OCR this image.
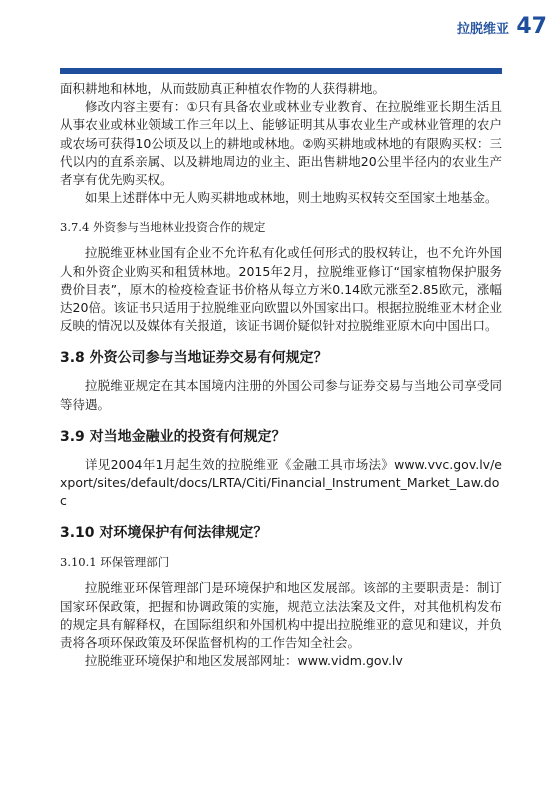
拉脱维亚 47

面积耕地和林地，从而鼓励真正种植农作物的人获得耕地。

修改内容主要有：①只有具备农业或林业专业教育、在拉脱维亚长期生活且从事农业或林业领域工作三年以上、能够证明其从事农业生产或林业管理的农户或农场可获得10公顷及以上的耕地或林地。②购买耕地或林地的有限购买权：三代以内的直系亲属、以及耕地周边的业主、距出售耕地20公里半径内的农业生产者享有优先购买权。

如果上述群体中无人购买耕地或林地，则土地购买权转交至国家土地基金。

3.7.4 外资参与当地林业投资合作的规定

拉脱维亚林业国有企业不允许私有化或任何形式的股权转让，也不允许外国人和外资企业购买和租赁林地。2015年2月，拉脱维亚修订“国家植物保护服务费价目表”，原木的检疫检查证书价格从每立方米0.14欧元涨至2.85欧元，涨幅达20倍。该证书只适用于拉脱维亚向欧盟以外国家出口。根据拉脱维亚木材企业反映的情况以及媒体有关报道，该证书调价疑似针对拉脱维亚原木向中国出口。

3.8 外资公司参与当地证券交易有何规定？

拉脱维亚规定在其本国境内注册的外国公司参与证券交易与当地公司享受同等待遇。

3.9 对当地金融业的投资有何规定？

详见2004年1月起生效的拉脱维亚《金融工具市场法》www.vvc.gov.lv/export/sites/default/docs/LRTA/Citi/Financial_Instrument_Market_Law.doc

3.10 对环境保护有何法律规定？
3.10.1 环保管理部门

拉脱维亚环保管理部门是环境保护和地区发展部。该部的主要职责是：制订国家环保政策，把握和协调政策的实施，规范立法法案及文件，对其他机构发布的规定具有解释权，在国际组织和外国机构中提出拉脱维亚的意见和建议，并负责将各项环保政策及环保监督机构的工作告知全社会。

拉脱维亚环境保护和地区发展部网址：www.vidm.gov.lv
